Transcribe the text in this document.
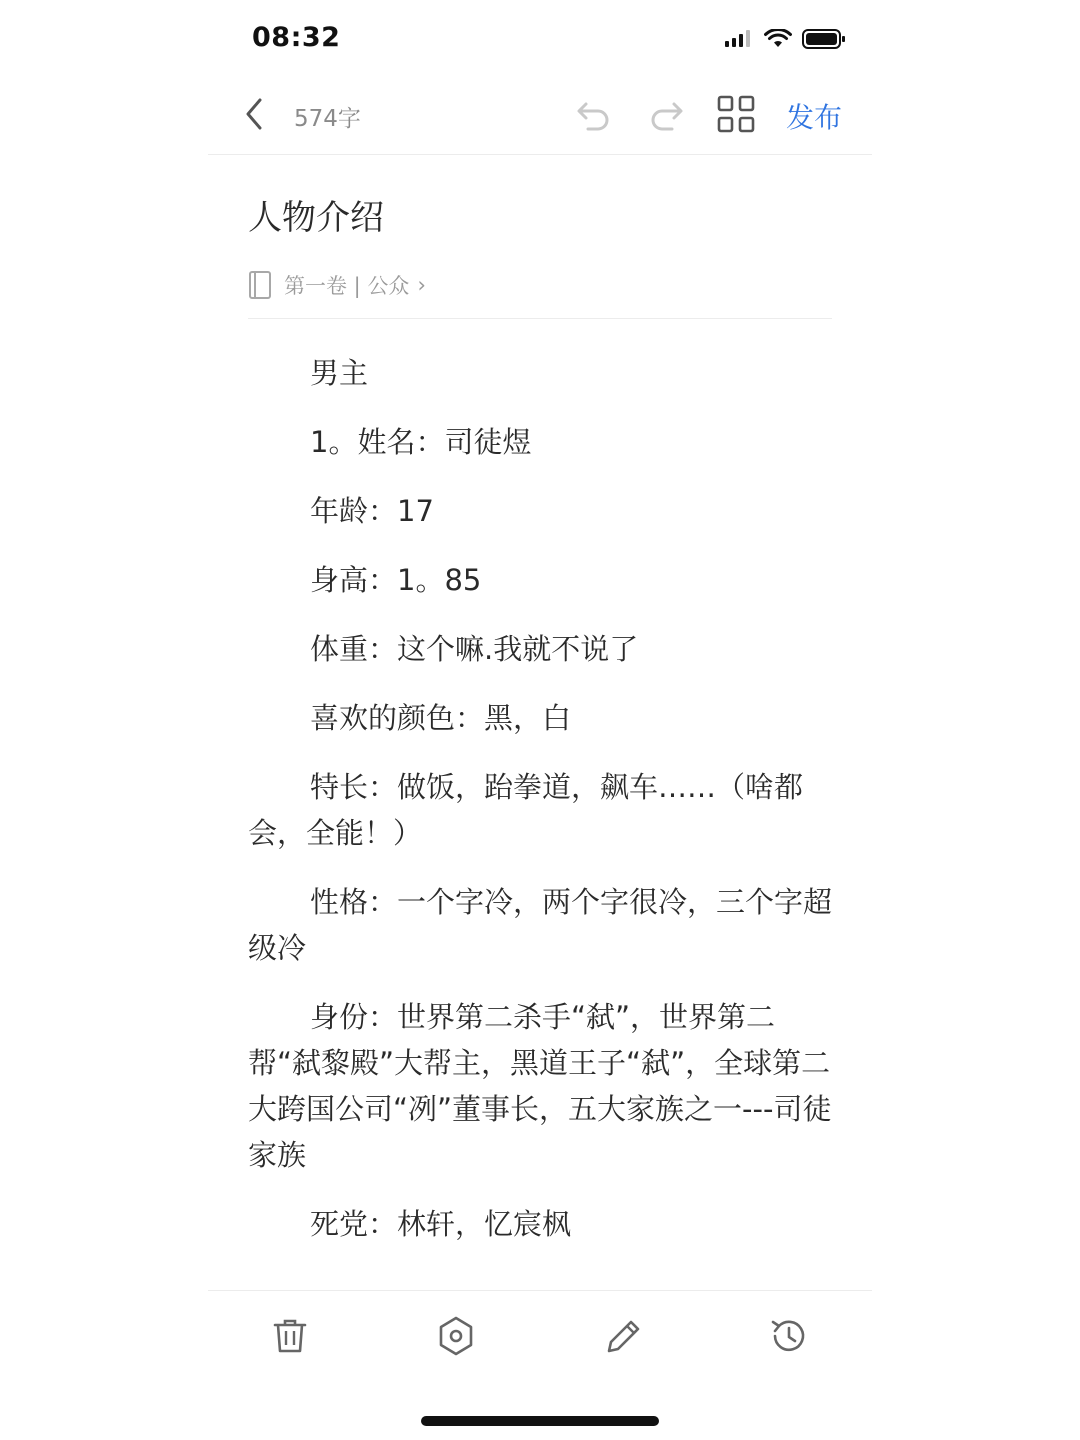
08:32
574字	发布
人物介绍
第一卷 | 公众 ›

男主

1。姓名：司徒煜

年龄：17

身高：1。85

体重：这个嘛.我就不说了

喜欢的颜色：黑，白

特长：做饭，跆拳道，飙车……（啥都会，全能！）

性格：一个字冷，两个字很冷，三个字超级冷

身份：世界第二杀手“弑”，世界第二帮“弑黎殿”大帮主，黑道王子“弑”，全球第二大跨国公司“冽”董事长，五大家族之一---司徒家族

死党：林轩，忆宸枫
